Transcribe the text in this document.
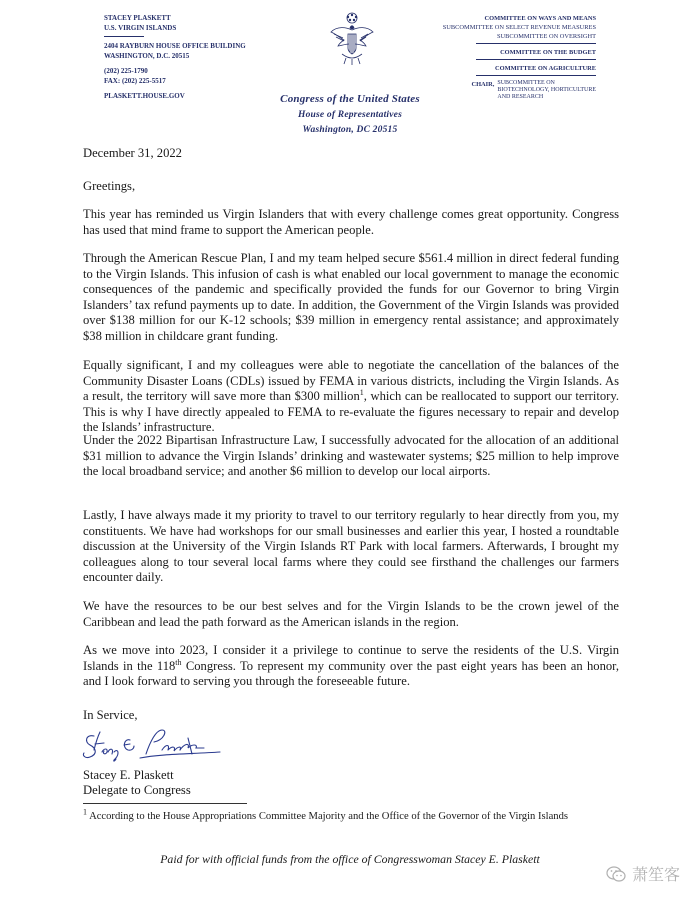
STACEY PLASKETT
U.S. VIRGIN ISLANDS
2404 RAYBURN HOUSE OFFICE BUILDING
WASHINGTON, D.C. 20515
(202) 225-1790
FAX: (202) 225-5517
PLASKETT.HOUSE.GOV	Congress of the United States
House of Representatives
Washington, DC 20515
COMMITTEE ON WAYS AND MEANS
SUBCOMMITTEE ON SELECT REVENUE MEASURES
SUBCOMMITTEE ON OVERSIGHT
COMMITTEE ON THE BUDGET
COMMITTEE ON AGRICULTURE
CHAIR, SUBCOMMITTEE ON
BIOTECHNOLOGY, HORTICULTURE
AND RESEARCH
December 31, 2022
Greetings,
This year has reminded us Virgin Islanders that with every challenge comes great opportunity. Congress has used that mind frame to support the American people.
Through the American Rescue Plan, I and my team helped secure $561.4 million in direct federal funding to the Virgin Islands. This infusion of cash is what enabled our local government to manage the economic consequences of the pandemic and specifically provided the funds for our Governor to bring Virgin Islanders’ tax refund payments up to date. In addition, the Government of the Virgin Islands was provided over $138 million for our K-12 schools; $39 million in emergency rental assistance; and approximately $38 million in childcare grant funding.
Equally significant, I and my colleagues were able to negotiate the cancellation of the balances of the Community Disaster Loans (CDLs) issued by FEMA in various districts, including the Virgin Islands. As a result, the territory will save more than $300 million$^1$, which can be reallocated to support our territory. This is why I have directly appealed to FEMA to re-evaluate the figures necessary to repair and develop the Islands’ infrastructure.
Under the 2022 Bipartisan Infrastructure Law, I successfully advocated for the allocation of an additional $31 million to advance the Virgin Islands’ drinking and wastewater systems; $25 million to help improve the local broadband service; and another $6 million to develop our local airports.
Lastly, I have always made it my priority to travel to our territory regularly to hear directly from you, my constituents. We have had workshops for our small businesses and earlier this year, I hosted a roundtable discussion at the University of the Virgin Islands RT Park with local farmers. Afterwards, I brought my colleagues along to tour several local farms where they could see firsthand the challenges our farmers encounter daily.
We have the resources to be our best selves and for the Virgin Islands to be the crown jewel of the Caribbean and lead the path forward as the American islands in the region.
As we move into 2023, I consider it a privilege to continue to serve the residents of the U.S. Virgin Islands in the 118th Congress. To represent my community over the past eight years has been an honor, and I look forward to serving you through the foreseeable future.
In Service,
Stacey E. Plaskett
Delegate to Congress
$^1$ According to the House Appropriations Committee Majority and the Office of the Governor of the Virgin Islands
Paid for with official funds from the office of Congresswoman Stacey E. Plaskett
萧笙客
